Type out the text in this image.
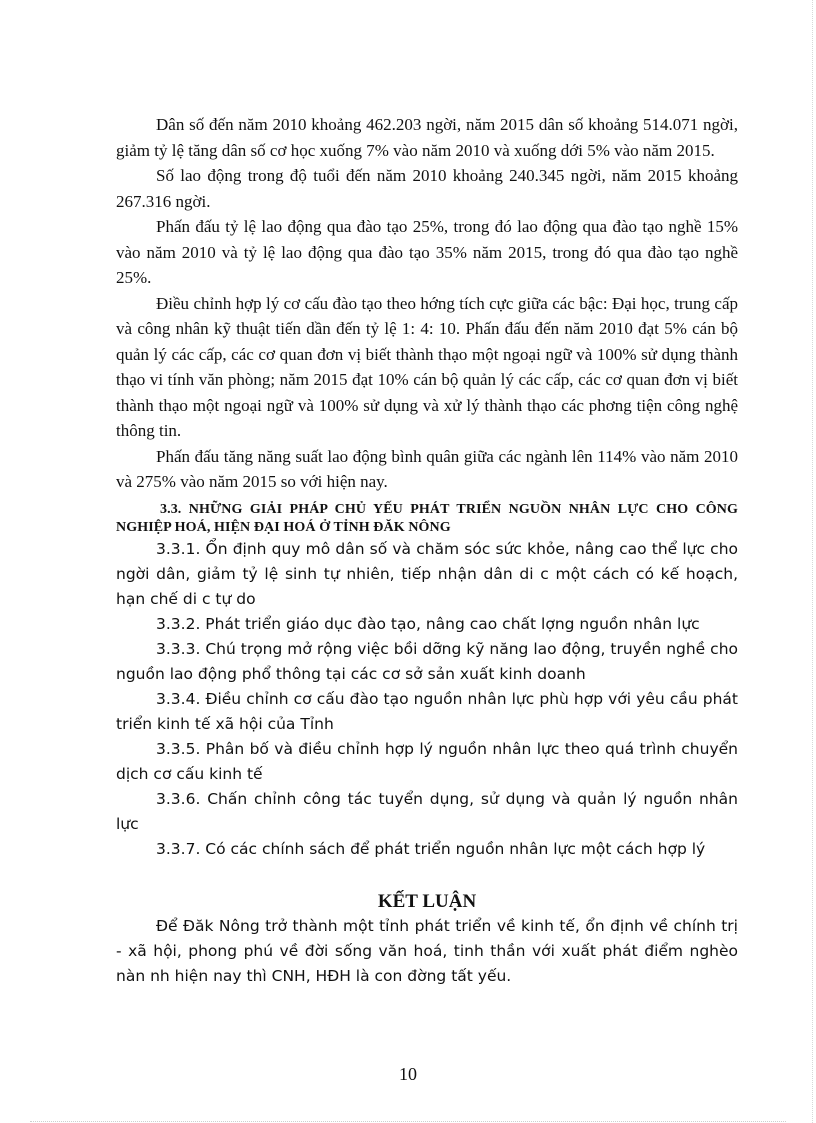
Dân số đến năm 2010 khoảng 462.203 ngời, năm 2015 dân số khoảng 514.071 ngời, giảm tỷ lệ tăng dân số cơ học xuống 7% vào năm 2010 và xuống dới 5% vào năm 2015.

Số lao động trong độ tuổi đến năm 2010 khoảng 240.345 ngời, năm 2015 khoảng 267.316 ngời.

Phấn đấu tỷ lệ lao động qua đào tạo 25%, trong đó lao động qua đào tạo nghề 15% vào năm 2010 và tỷ lệ lao động qua đào tạo 35% năm 2015, trong đó qua đào tạo nghề 25%.

Điều chỉnh hợp lý cơ cấu đào tạo theo hớng tích cực giữa các bậc: Đại học, trung cấp và công nhân kỹ thuật tiến dần đến tỷ lệ 1: 4: 10. Phấn đấu đến năm 2010 đạt 5% cán bộ quản lý các cấp, các cơ quan đơn vị biết thành thạo một ngoại ngữ và 100% sử dụng thành thạo vi tính văn phòng; năm 2015 đạt 10% cán bộ quản lý các cấp, các cơ quan đơn vị biết thành thạo một ngoại ngữ và 100% sử dụng và xử lý thành thạo các phơng tiện công nghệ thông tin.

Phấn đấu tăng năng suất lao động bình quân giữa các ngành lên 114% vào năm 2010 và 275% vào năm 2015 so với hiện nay.

3.3. NHỮNG GIẢI PHÁP CHỦ YẾU PHÁT TRIỂN NGUỒN NHÂN LỰC CHO CÔNG NGHIỆP HOÁ, HIỆN ĐẠI HOÁ Ở TỈNH ĐĂK NÔNG

3.3.1. Ổn định quy mô dân số và chăm sóc sức khỏe, nâng cao thể lực cho ngời dân, giảm tỷ lệ sinh tự nhiên, tiếp nhận dân di c một cách có kế hoạch, hạn chế di c tự do

3.3.2. Phát triển giáo dục đào tạo, nâng cao chất lợng nguồn nhân lực

3.3.3. Chú trọng mở rộng việc bồi dỡng kỹ năng lao động, truyền nghề cho nguồn lao động phổ thông tại các cơ sở sản xuất kinh doanh

3.3.4. Điều chỉnh cơ cấu đào tạo nguồn nhân lực phù hợp với yêu cầu phát triển kinh tế xã hội của Tỉnh

3.3.5. Phân bố và điều chỉnh hợp lý nguồn nhân lực theo quá trình chuyển dịch cơ cấu kinh tế

3.3.6. Chấn chỉnh công tác tuyển dụng, sử dụng và quản lý nguồn nhân lực

3.3.7. Có các chính sách để phát triển nguồn nhân lực một cách hợp lý

KẾT LUẬN

Để Đăk Nông trở thành một tỉnh phát triển về kinh tế, ổn định về chính trị - xã hội, phong phú về đời sống văn hoá, tinh thần với xuất phát điểm nghèo nàn nh hiện nay thì CNH, HĐH là con đờng tất yếu.

10
